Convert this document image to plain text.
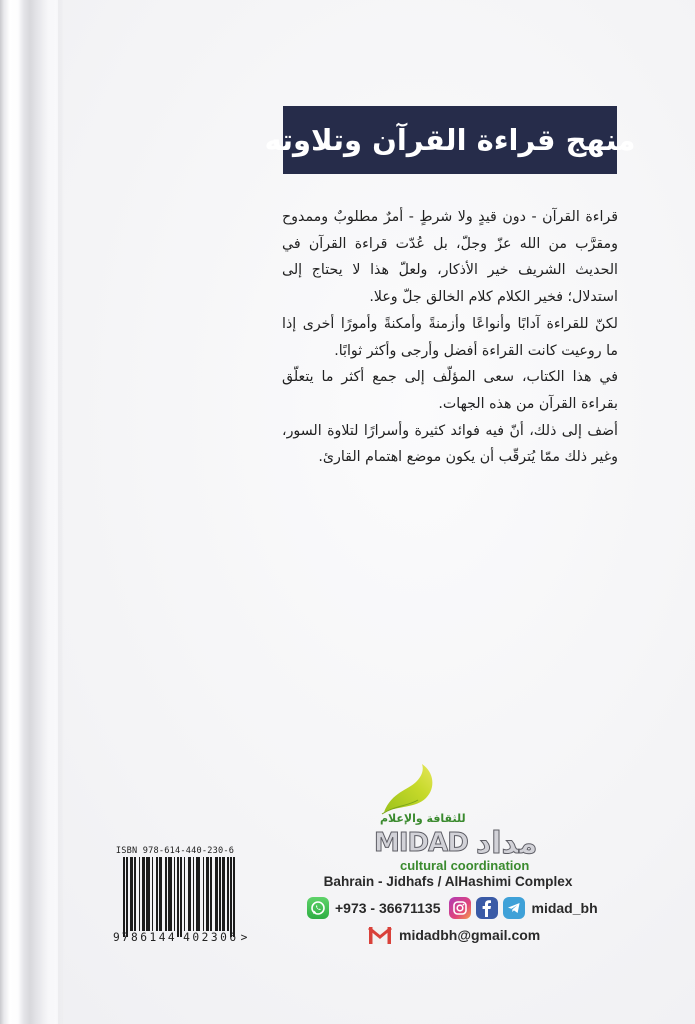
منهج قراءة القرآن وتلاوته

قراءة القرآن - دون قيدٍ ولا شرطٍ - أمرٌ مطلوبٌ وممدوح ومقرَّب من الله عزّ وجلّ، بل عُدّت قراءة القرآن في الحديث الشريف خير الأذكار، ولعلّ هذا لا يحتاج إلى استدلال؛ فخير الكلام كلام الخالق جلّ وعلا.

لكنّ للقراءة آدابًا وأنواعًا وأزمنةً وأمكنةً وأمورًا أخرى إذا ما روعيت كانت القراءة أفضل وأرجى وأكثر ثوابًا.

في هذا الكتاب، سعى المؤلّف إلى جمع أكثر ما يتعلّق بقراءة القرآن من هذه الجهات.

أضف إلى ذلك، أنّ فيه فوائد كثيرة وأسرارًا لتلاوة السور، وغير ذلك ممّا يُترقّب أن يكون موضع اهتمام القارئ.

للثقافة والإعلام
MIDAD مداد
cultural coordination
Bahrain - Jidhafs / AlHashimi Complex
+973 - 36671135	midad_bh
midadbh@gmail.com
ISBN 978-614-440-230-6
9 786144 402306 >
